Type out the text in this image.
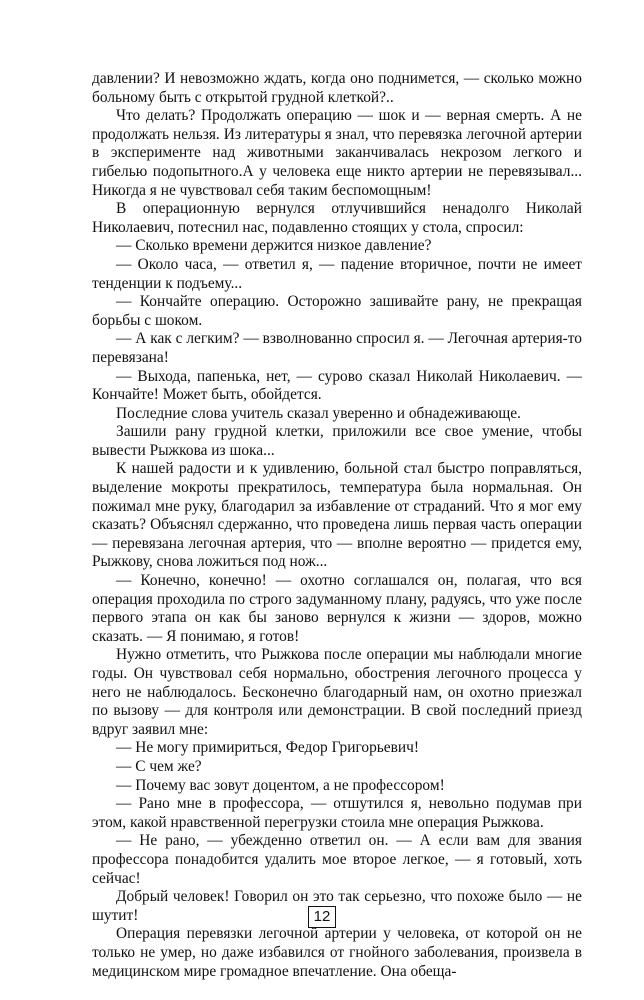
давлении? И невозможно ждать, когда оно поднимется, — сколько можно больному быть с открытой грудной клеткой?..

Что делать? Продолжать операцию — шок и — верная смерть. А не продолжать нельзя. Из литературы я знал, что перевязка легочной артерии в эксперименте над животными заканчивалась некрозом легкого и гибелью подопытного.А у человека еще никто артерии не перевязывал... Никогда я не чувствовал себя таким беспомощным!

В операционную вернулся отлучившийся ненадолго Николай Николаевич, потеснил нас, подавленно стоящих у стола, спросил:

— Сколько времени держится низкое давление?

— Около часа, — ответил я, — падение вторичное, почти не имеет тенденции к подъему...

— Кончайте операцию. Осторожно зашивайте рану, не прекращая борьбы с шоком.

— А как с легким? — взволнованно спросил я. — Легочная артерия-то перевязана!

— Выхода, папенька, нет, — сурово сказал Николай Николаевич. — Кончайте! Может быть, обойдется.

Последние слова учитель сказал уверенно и обнадеживающе.

Зашили рану грудной клетки, приложили все свое умение, чтобы вывести Рыжкова из шока...

К нашей радости и к удивлению, больной стал быстро поправляться, выделение мокроты прекратилось, температура была нормальная. Он пожимал мне руку, благодарил за избавление от страданий. Что я мог ему сказать? Объяснял сдержанно, что проведена лишь первая часть операции — перевязана легочная артерия, что — вполне вероятно — придется ему, Рыжкову, снова ложиться под нож...

— Конечно, конечно! — охотно соглашался он, полагая, что вся операция проходила по строго задуманному плану, радуясь, что уже после первого этапа он как бы заново вернулся к жизни — здоров, можно сказать. — Я понимаю, я готов!

Нужно отметить, что Рыжкова после операции мы наблюдали многие годы. Он чувствовал себя нормально, обострения легочного процесса у него не наблюдалось. Бесконечно благодарный нам, он охотно приезжал по вызову — для контроля или демонстрации. В свой последний приезд вдруг заявил мне:

— Не могу примириться, Федор Григорьевич!

— С чем же?

— Почему вас зовут доцентом, а не профессором!

— Рано мне в профессора, — отшутился я, невольно подумав при этом, какой нравственной перегрузки стоила мне операция Рыжкова.

— Не рано, — убежденно ответил он. — А если вам для звания профессора понадобится удалить мое второе легкое, — я готовый, хоть сейчас!

Добрый человек! Говорил он это так серьезно, что похоже было — не шутит!

Операция перевязки легочной артерии у человека, от которой он не только не умер, но даже избавился от гнойного заболевания, произвела в медицинском мире громадное впечатление. Она обеща-

12
